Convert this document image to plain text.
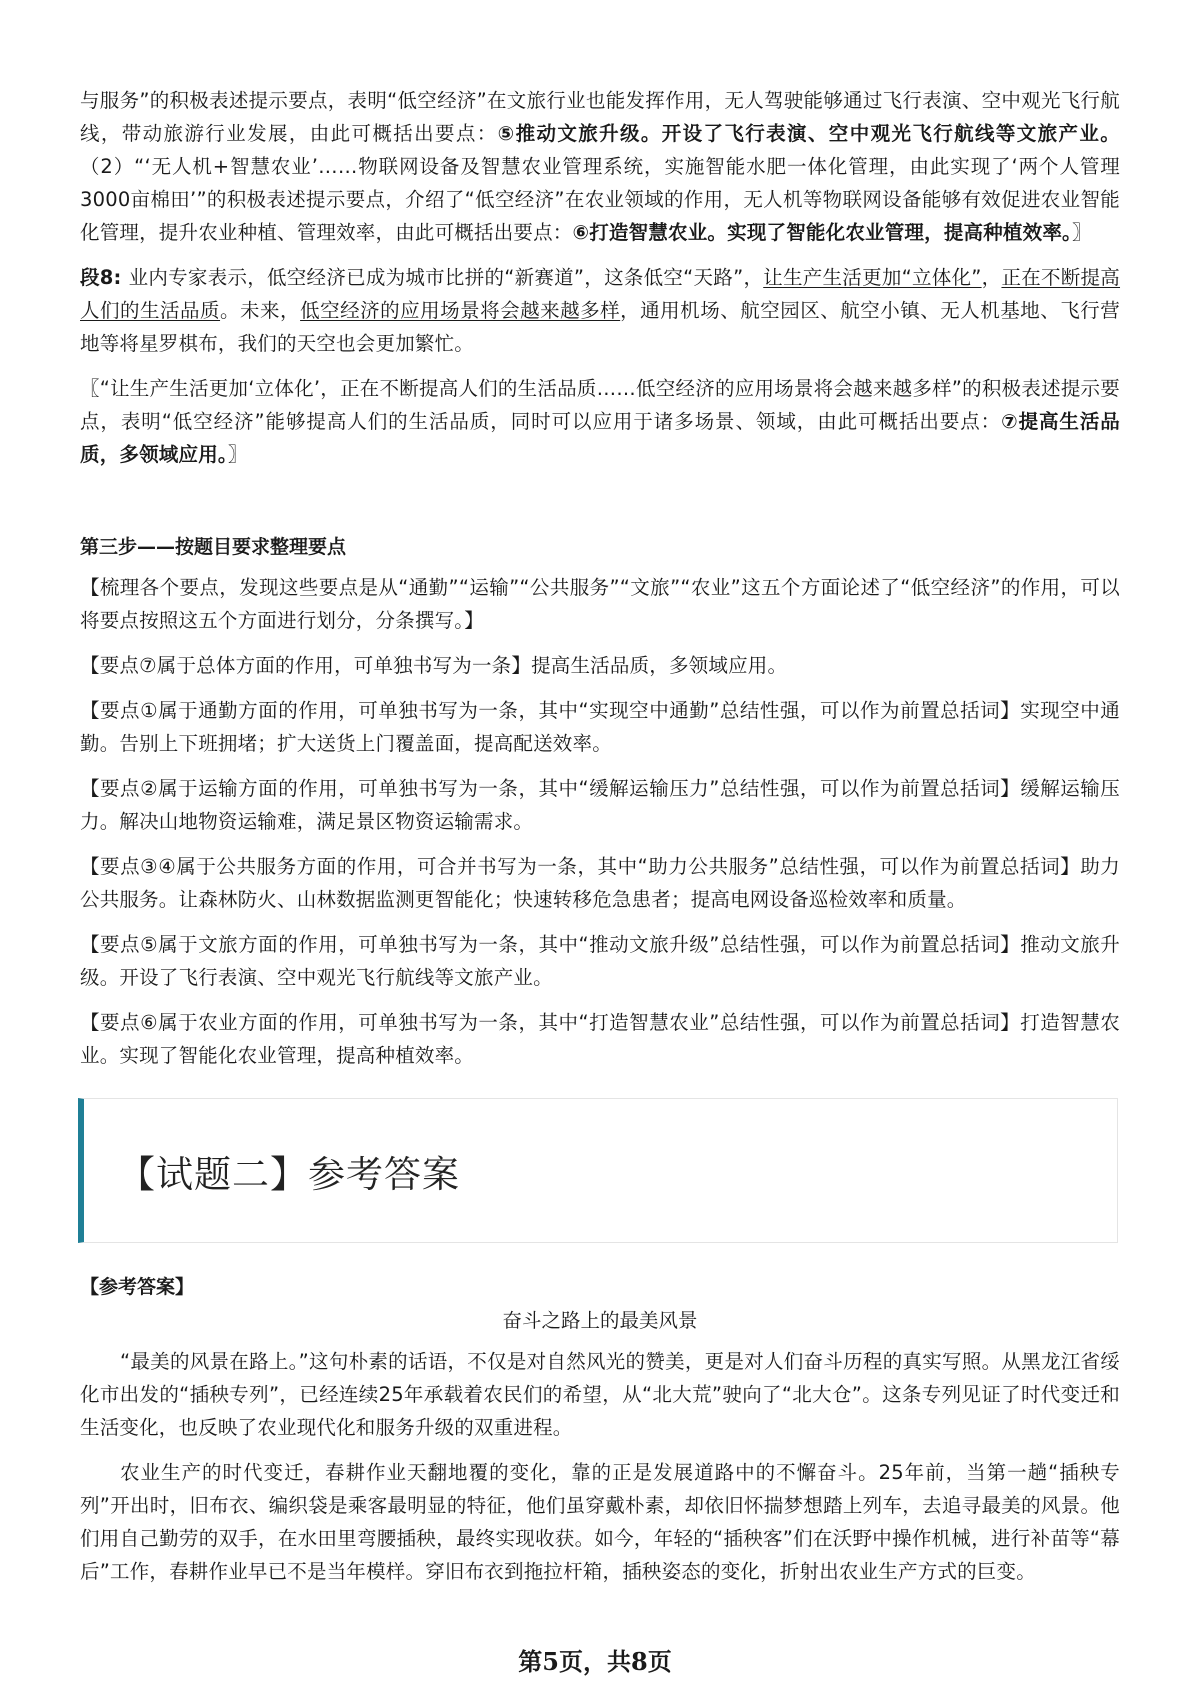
与服务”的积极表述提示要点，表明“低空经济”在文旅行业也能发挥作用，无人驾驶能够通过飞行表演、空中观光飞行航线，带动旅游行业发展，由此可概括出要点：⑤推动文旅升级。开设了飞行表演、空中观光飞行航线等文旅产业。 （2）“‘无人机+智慧农业’……物联网设备及智慧农业管理系统，实施智能水肥一体化管理，由此实现了‘两个人管理3000亩棉田’”的积极表述提示要点，介绍了“低空经济”在农业领域的作用，无人机等物联网设备能够有效促进农业智能化管理，提升农业种植、管理效率，由此可概括出要点：⑥打造智慧农业。实现了智能化农业管理，提高种植效率。〗

段8: 业内专家表示，低空经济已成为城市比拼的“新赛道”，这条低空“天路”，让生产生活更加“立体化”，正在不断提高人们的生活品质。未来，低空经济的应用场景将会越来越多样，通用机场、航空园区、航空小镇、无人机基地、飞行营地等将星罗棋布，我们的天空也会更加繁忙。

〖“让生产生活更加‘立体化’，正在不断提高人们的生活品质……低空经济的应用场景将会越来越多样”的积极表述提示要点，表明“低空经济”能够提高人们的生活品质，同时可以应用于诸多场景、领域，由此可概括出要点：⑦提高生活品质，多领域应用。〗

第三步——按题目要求整理要点

【梳理各个要点，发现这些要点是从“通勤”“运输”“公共服务”“文旅”“农业”这五个方面论述了“低空经济”的作用，可以将要点按照这五个方面进行划分，分条撰写。】

【要点⑦属于总体方面的作用，可单独书写为一条】提高生活品质，多领域应用。

【要点①属于通勤方面的作用，可单独书写为一条，其中“实现空中通勤”总结性强，可以作为前置总括词】实现空中通勤。告别上下班拥堵；扩大送货上门覆盖面，提高配送效率。

【要点②属于运输方面的作用，可单独书写为一条，其中“缓解运输压力”总结性强，可以作为前置总括词】缓解运输压力。解决山地物资运输难，满足景区物资运输需求。

【要点③④属于公共服务方面的作用，可合并书写为一条，其中“助力公共服务”总结性强，可以作为前置总括词】助力公共服务。让森林防火、山林数据监测更智能化；快速转移危急患者；提高电网设备巡检效率和质量。

【要点⑤属于文旅方面的作用，可单独书写为一条，其中“推动文旅升级”总结性强，可以作为前置总括词】推动文旅升级。开设了飞行表演、空中观光飞行航线等文旅产业。

【要点⑥属于农业方面的作用，可单独书写为一条，其中“打造智慧农业”总结性强，可以作为前置总括词】打造智慧农业。实现了智能化农业管理，提高种植效率。

【试题二】参考答案

【参考答案】

奋斗之路上的最美风景

“最美的风景在路上。”这句朴素的话语，不仅是对自然风光的赞美，更是对人们奋斗历程的真实写照。从黑龙江省绥化市出发的“插秧专列”，已经连续25年承载着农民们的希望，从“北大荒”驶向了“北大仓”。这条专列见证了时代变迁和生活变化，也反映了农业现代化和服务升级的双重进程。

农业生产的时代变迁，春耕作业天翻地覆的变化，靠的正是发展道路中的不懈奋斗。25年前，当第一趟“插秧专列”开出时，旧布衣、编织袋是乘客最明显的特征，他们虽穿戴朴素，却依旧怀揣梦想踏上列车，去追寻最美的风景。他们用自己勤劳的双手，在水田里弯腰插秧，最终实现收获。如今，年轻的“插秧客”们在沃野中操作机械，进行补苗等“幕后”工作，春耕作业早已不是当年模样。穿旧布衣到拖拉杆箱，插秧姿态的变化，折射出农业生产方式的巨变。

第5页，共8页
